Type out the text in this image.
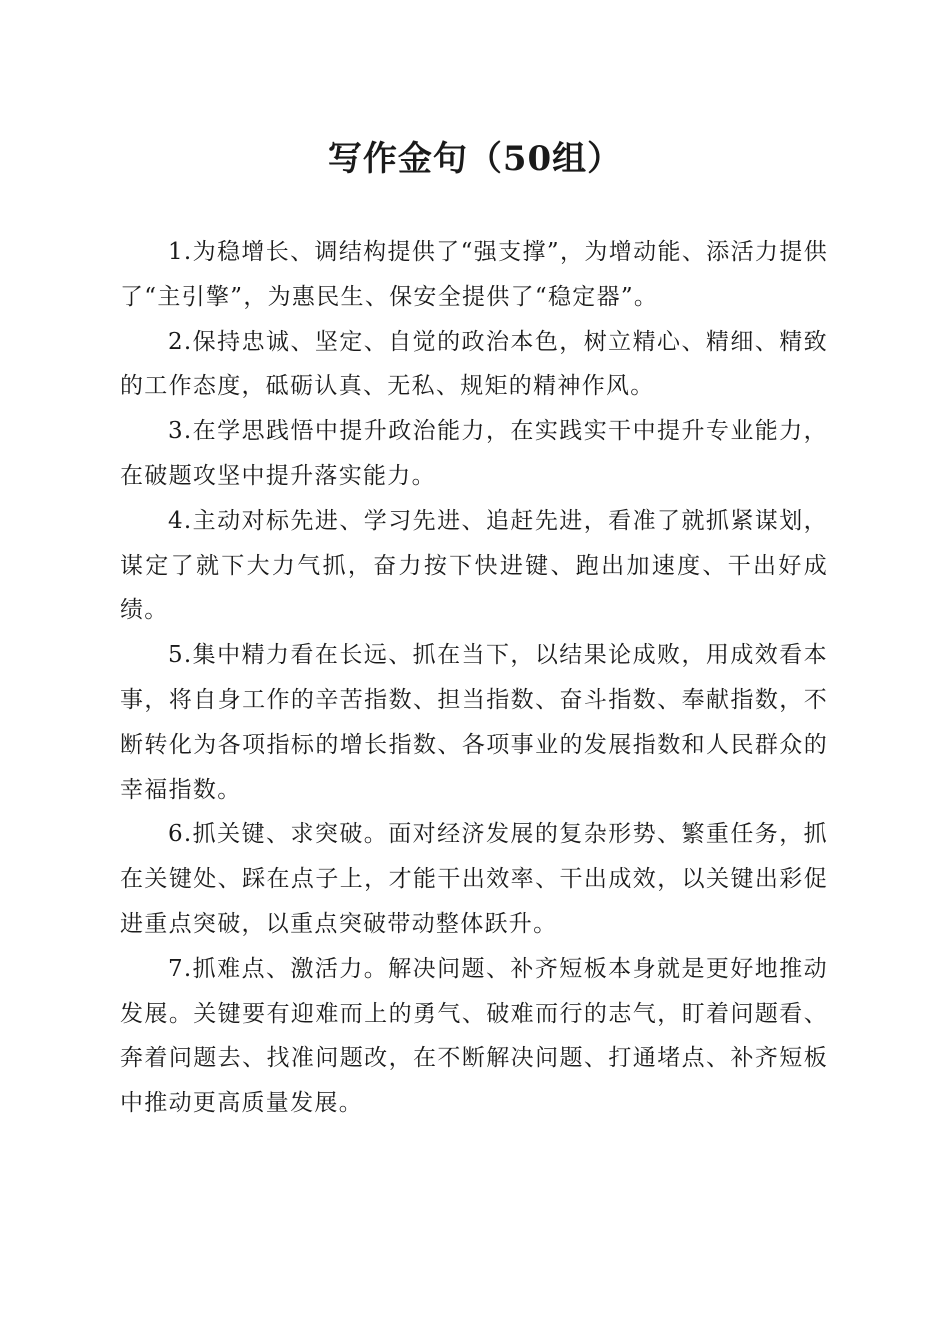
写作金句（50组）

1.为稳增长、调结构提供了“强支撑”，为增动能、添活力提供了“主引擎”，为惠民生、保安全提供了“稳定器”。

2.保持忠诚、坚定、自觉的政治本色，树立精心、精细、精致的工作态度，砥砺认真、无私、规矩的精神作风。

3.在学思践悟中提升政治能力，在实践实干中提升专业能力，在破题攻坚中提升落实能力。

4.主动对标先进、学习先进、追赶先进，看准了就抓紧谋划，谋定了就下大力气抓，奋力按下快进键、跑出加速度、干出好成绩。

5.集中精力看在长远、抓在当下，以结果论成败，用成效看本事，将自身工作的辛苦指数、担当指数、奋斗指数、奉献指数，不断转化为各项指标的增长指数、各项事业的发展指数和人民群众的幸福指数。

6.抓关键、求突破。面对经济发展的复杂形势、繁重任务，抓在关键处、踩在点子上，才能干出效率、干出成效，以关键出彩促进重点突破，以重点突破带动整体跃升。

7.抓难点、激活力。解决问题、补齐短板本身就是更好地推动发展。关键要有迎难而上的勇气、破难而行的志气，盯着问题看、奔着问题去、找准问题改，在不断解决问题、打通堵点、补齐短板中推动更高质量发展。
